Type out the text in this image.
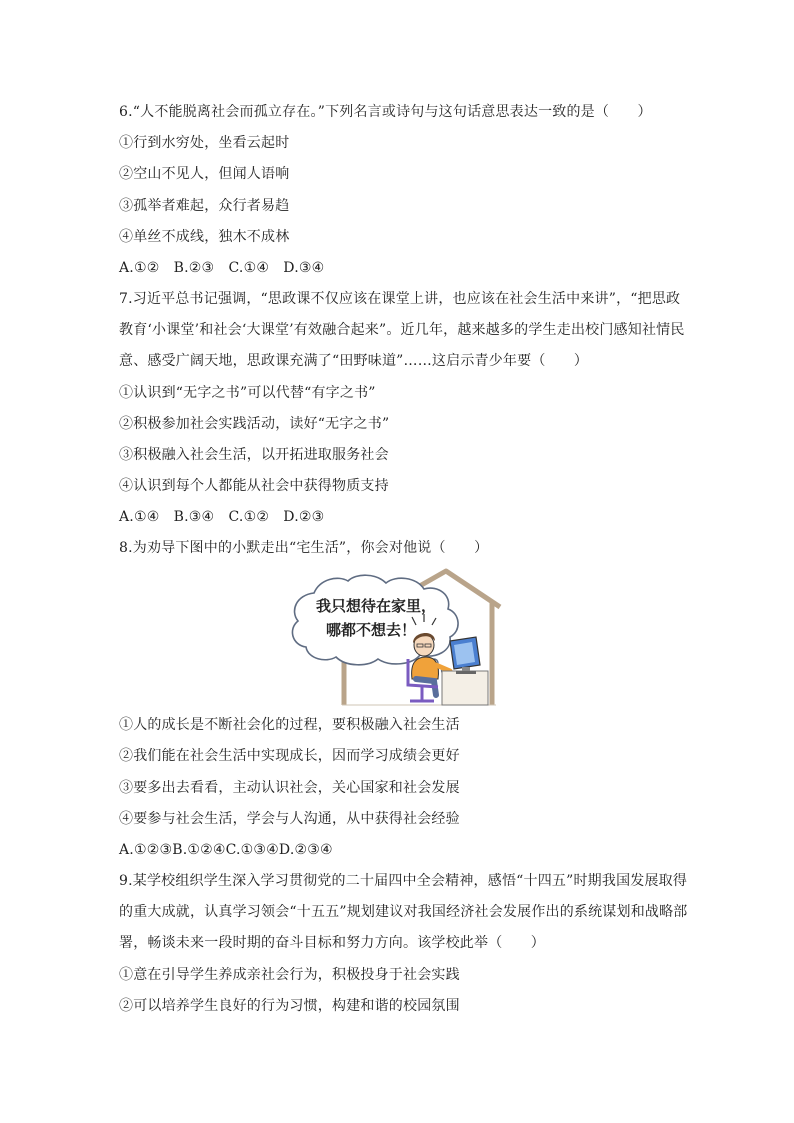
6.“人不能脱离社会而孤立存在。”下列名言或诗句与这句话意思表达一致的是（　　）
①行到水穷处，坐看云起时
②空山不见人，但闻人语响
③孤举者难起，众行者易趋
④单丝不成线，独木不成林
A.①②　B.②③　C.①④　D.③④
7.习近平总书记强调，“思政课不仅应该在课堂上讲，也应该在社会生活中来讲”，“把思政
教育‘小课堂’和社会‘大课堂’有效融合起来”。近几年，越来越多的学生走出校门感知社情民
意、感受广阔天地，思政课充满了“田野味道”……这启示青少年要（　　）
①认识到“无字之书”可以代替“有字之书”
②积极参加社会实践活动，读好“无字之书”
③积极融入社会生活，以开拓进取服务社会
④认识到每个人都能从社会中获得物质支持
A.①④　B.③④　C.①②　D.②③
8.为劝导下图中的小默走出“宅生活”，你会对他说（　　）
我只想待在家里，
哪都不想去！
①人的成长是不断社会化的过程，要积极融入社会生活
②我们能在社会生活中实现成长，因而学习成绩会更好
③要多出去看看，主动认识社会，关心国家和社会发展
④要参与社会生活，学会与人沟通，从中获得社会经验
A.①②③B.①②④C.①③④D.②③④
9.某学校组织学生深入学习贯彻党的二十届四中全会精神，感悟“十四五”时期我国发展取得
的重大成就，认真学习领会“十五五”规划建议对我国经济社会发展作出的系统谋划和战略部
署，畅谈未来一段时期的奋斗目标和努力方向。该学校此举（　　）
①意在引导学生养成亲社会行为，积极投身于社会实践
②可以培养学生良好的行为习惯，构建和谐的校园氛围
